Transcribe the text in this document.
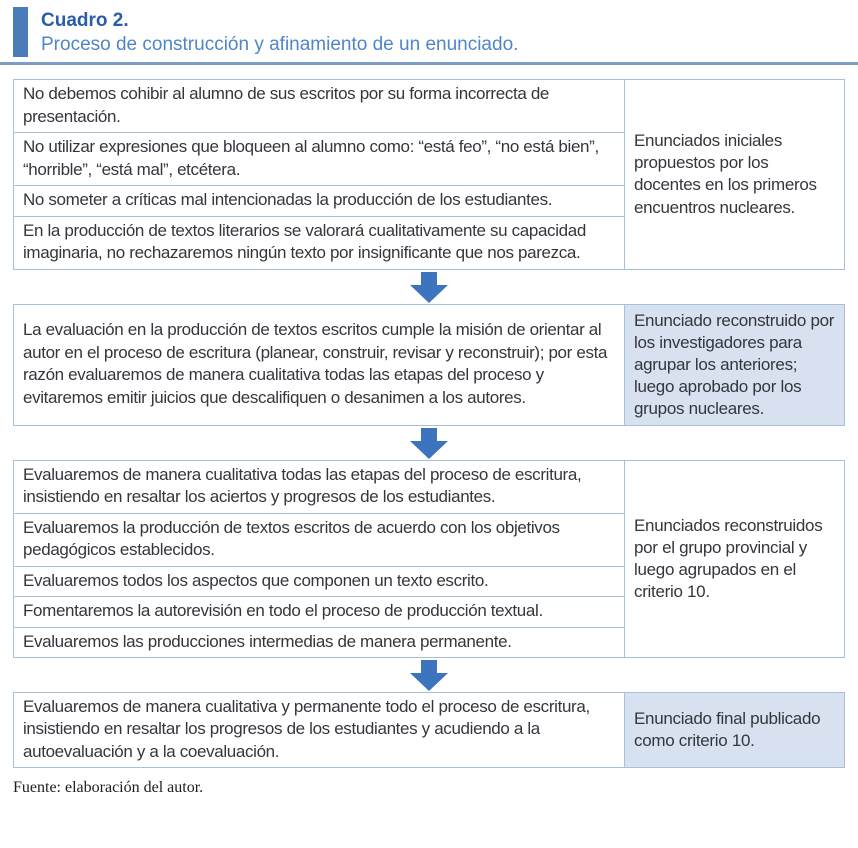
Cuadro 2.
Proceso de construcción y afinamiento de un enunciado.
No debemos cohibir al alumno de sus escritos por su forma incorrecta de presentación.
No utilizar expresiones que bloqueen al alumno como: “está feo”, “no está bien”, “horrible”, “está mal”, etcétera.
No someter a críticas mal intencionadas la producción de los estudiantes.
En la producción de textos literarios se valorará cualitativamente su capacidad imaginaria, no rechazaremos ningún texto por insignificante que nos parezca.
Enunciados iniciales propuestos por los docentes en los primeros encuentros nucleares.
La evaluación en la producción de textos escritos cumple la misión de orientar al autor en el proceso de escritura (planear, construir, revisar y reconstruir); por esta razón evaluaremos de manera cualitativa todas las etapas del proceso y evitaremos emitir juicios que descalifiquen o desanimen a los autores.
Enunciado reconstruido por los investigadores para agrupar los anteriores; luego aprobado por los grupos nucleares.
Evaluaremos de manera cualitativa todas las etapas del proceso de escritura, insistiendo en resaltar los aciertos y progresos de los estudiantes.
Evaluaremos la producción de textos escritos de acuerdo con los objetivos pedagógicos establecidos.
Evaluaremos todos los aspectos que componen un texto escrito.
Fomentaremos la autorevisión en todo el proceso de producción textual.
Evaluaremos las producciones intermedias de manera permanente.
Enunciados reconstruidos por el grupo provincial y luego agrupados en el criterio 10.
Evaluaremos de manera cualitativa y permanente todo el proceso de escritura, insistiendo en resaltar los progresos de los estudiantes y acudiendo a la autoevaluación y a la coevaluación.
Enunciado final publicado como criterio 10.
Fuente: elaboración del autor.
